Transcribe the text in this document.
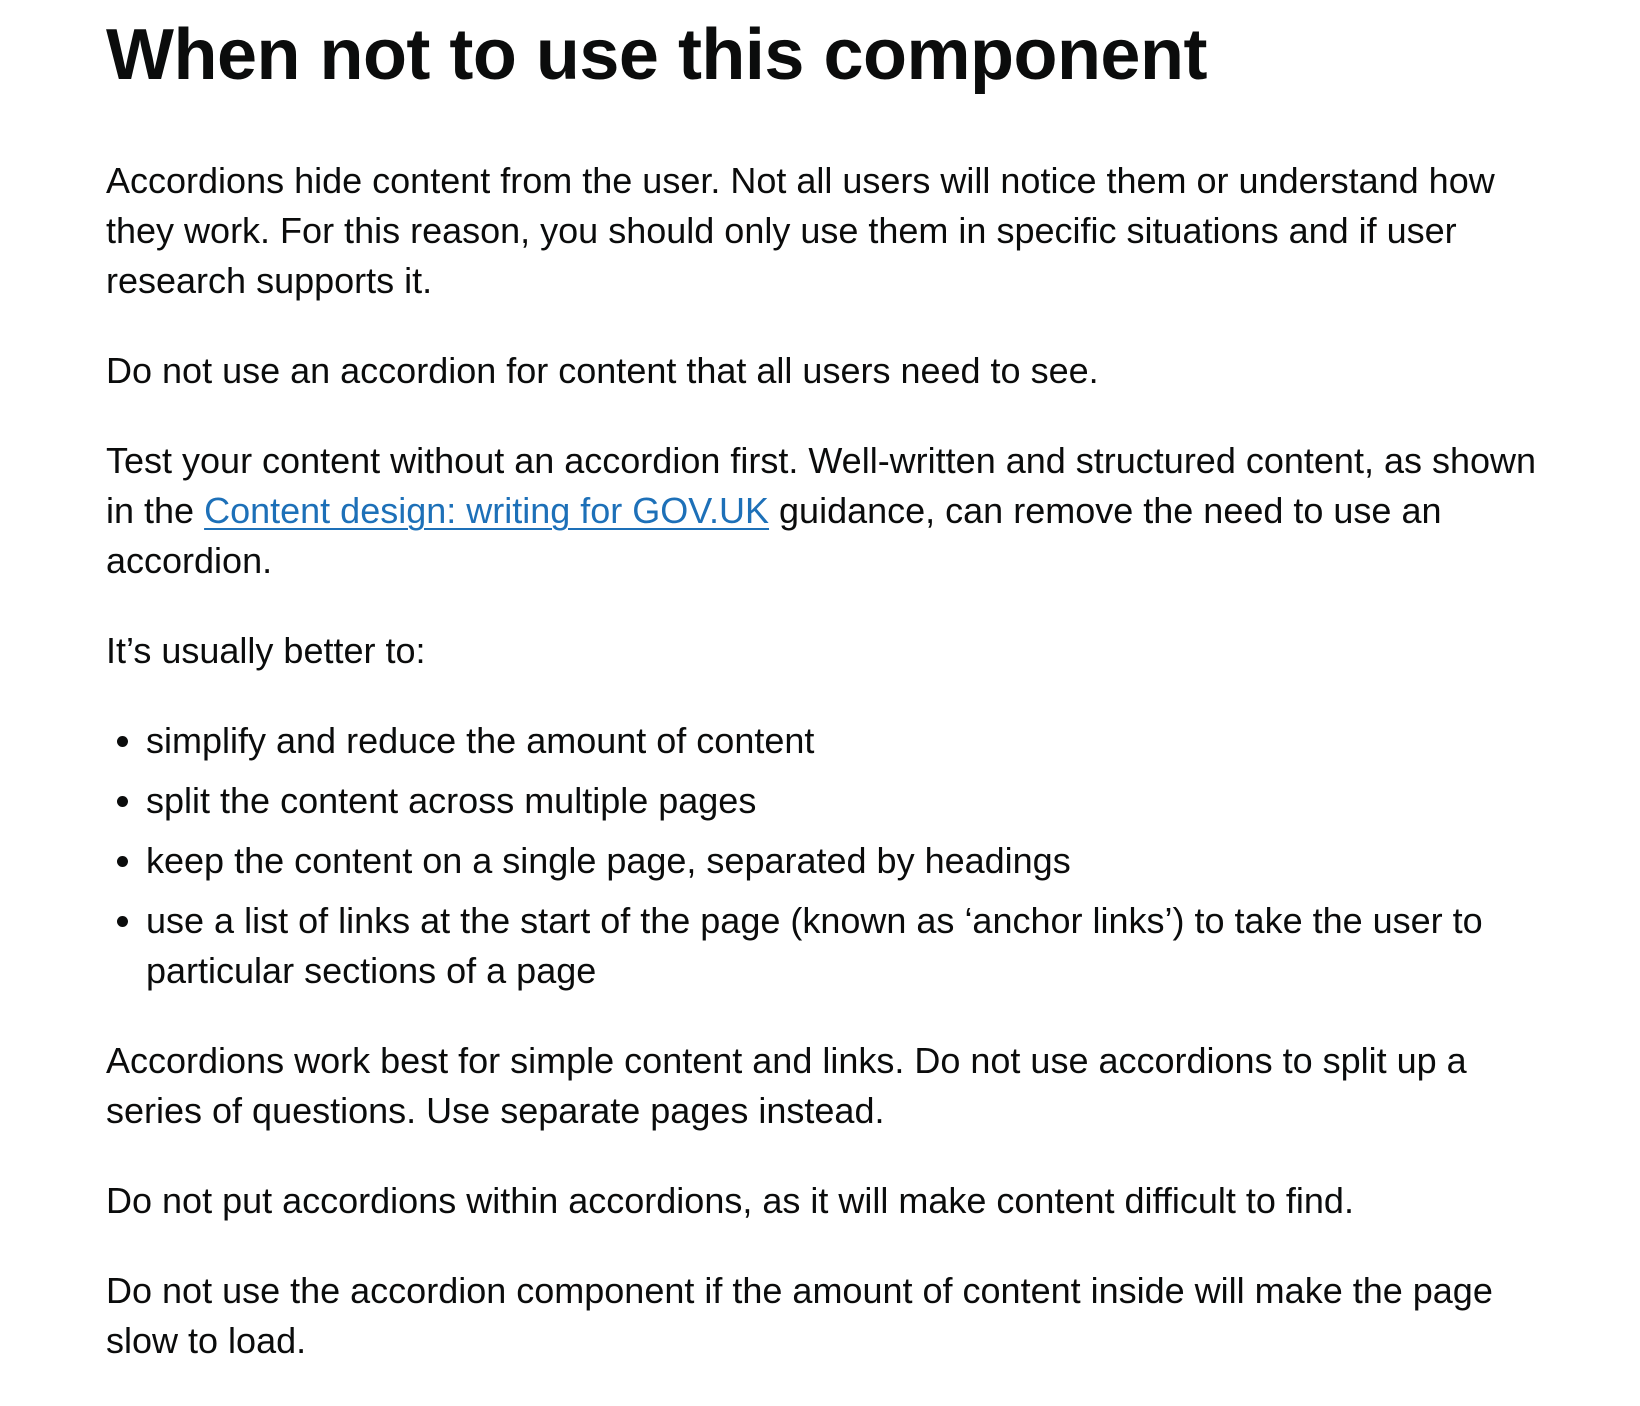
When not to use this component

Accordions hide content from the user. Not all users will notice them or understand how they work. For this reason, you should only use them in specific situations and if user research supports it.

Do not use an accordion for content that all users need to see.

Test your content without an accordion first. Well-written and structured content, as shown in the Content design: writing for GOV.UK guidance, can remove the need to use an accordion.

It’s usually better to:

• simplify and reduce the amount of content
• split the content across multiple pages
• keep the content on a single page, separated by headings
• use a list of links at the start of the page (known as ‘anchor links’) to take the user to particular sections of a page

Accordions work best for simple content and links. Do not use accordions to split up a series of questions. Use separate pages instead.

Do not put accordions within accordions, as it will make content difficult to find.

Do not use the accordion component if the amount of content inside will make the page slow to load.
